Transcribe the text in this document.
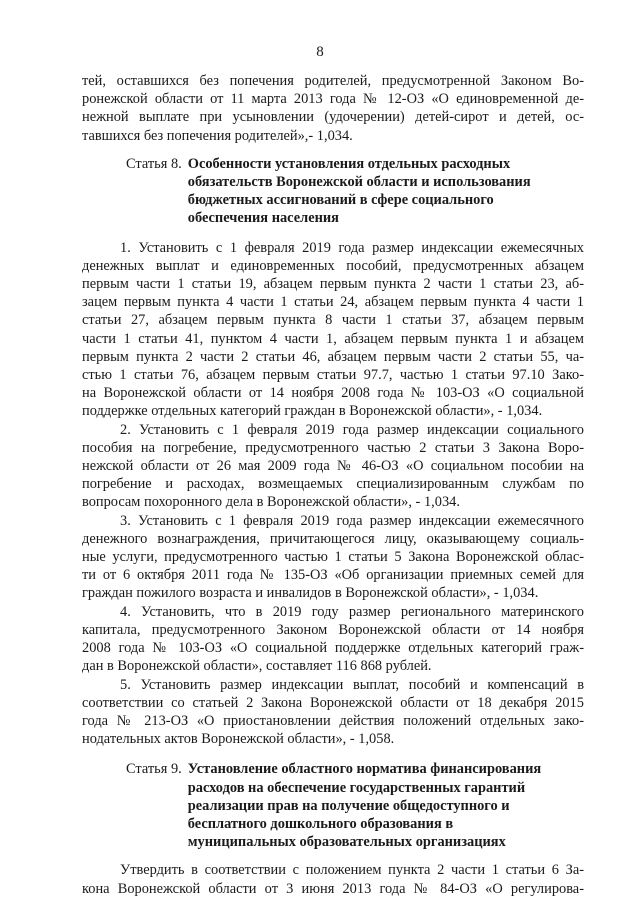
8
тей, оставшихся без попечения родителей, предусмотренной Законом Во-
ронежской области от 11 марта 2013 года № 12-ОЗ «О единовременной де-
нежной выплате при усыновлении (удочерении) детей-сирот и детей, ос-
тавшихся без попечения родителей»,- 1,034.
Статья 8. Особенности установления отдельных расходных
обязательств Воронежской области и использования
бюджетных ассигнований в сфере социального
обеспечения населения
1. Установить с 1 февраля 2019 года размер индексации ежемесячных
денежных выплат и единовременных пособий, предусмотренных абзацем
первым части 1 статьи 19, абзацем первым пункта 2 части 1 статьи 23, аб-
зацем первым пункта 4 части 1 статьи 24, абзацем первым пункта 4 части 1
статьи 27, абзацем первым пункта 8 части 1 статьи 37, абзацем первым
части 1 статьи 41, пунктом 4 части 1, абзацем первым пункта 1 и абзацем
первым пункта 2 части 2 статьи 46, абзацем первым части 2 статьи 55, ча-
стью 1 статьи 76, абзацем первым статьи 97.7, частью 1 статьи 97.10 Зако-
на Воронежской области от 14 ноября 2008 года № 103-ОЗ «О социальной
поддержке отдельных категорий граждан в Воронежской области», - 1,034.
2. Установить с 1 февраля 2019 года размер индексации социального
пособия на погребение, предусмотренного частью 2 статьи 3 Закона Воро-
нежской области от 26 мая 2009 года № 46-ОЗ «О социальном пособии на
погребение и расходах, возмещаемых специализированным службам по
вопросам похоронного дела в Воронежской области», - 1,034.
3. Установить с 1 февраля 2019 года размер индексации ежемесячного
денежного вознаграждения, причитающегося лицу, оказывающему социаль-
ные услуги, предусмотренного частью 1 статьи 5 Закона Воронежской облас-
ти от 6 октября 2011 года № 135-ОЗ «Об организации приемных семей для
граждан пожилого возраста и инвалидов в Воронежской области», - 1,034.
4. Установить, что в 2019 году размер регионального материнского
капитала, предусмотренного Законом Воронежской области от 14 ноября
2008 года № 103-ОЗ «О социальной поддержке отдельных категорий граж-
дан в Воронежской области», составляет 116 868 рублей.
5. Установить размер индексации выплат, пособий и компенсаций в
соответствии со статьей 2 Закона Воронежской области от 18 декабря 2015
года № 213-ОЗ «О приостановлении действия положений отдельных зако-
нодательных актов Воронежской области», - 1,058.
Статья 9. Установление областного норматива финансирования
расходов на обеспечение государственных гарантий
реализации прав на получение общедоступного и
бесплатного дошкольного образования в
муниципальных образовательных организациях
Утвердить в соответствии с положением пункта 2 части 1 статьи 6 За-
кона Воронежской области от 3 июня 2013 года № 84-ОЗ «О регулирова-
